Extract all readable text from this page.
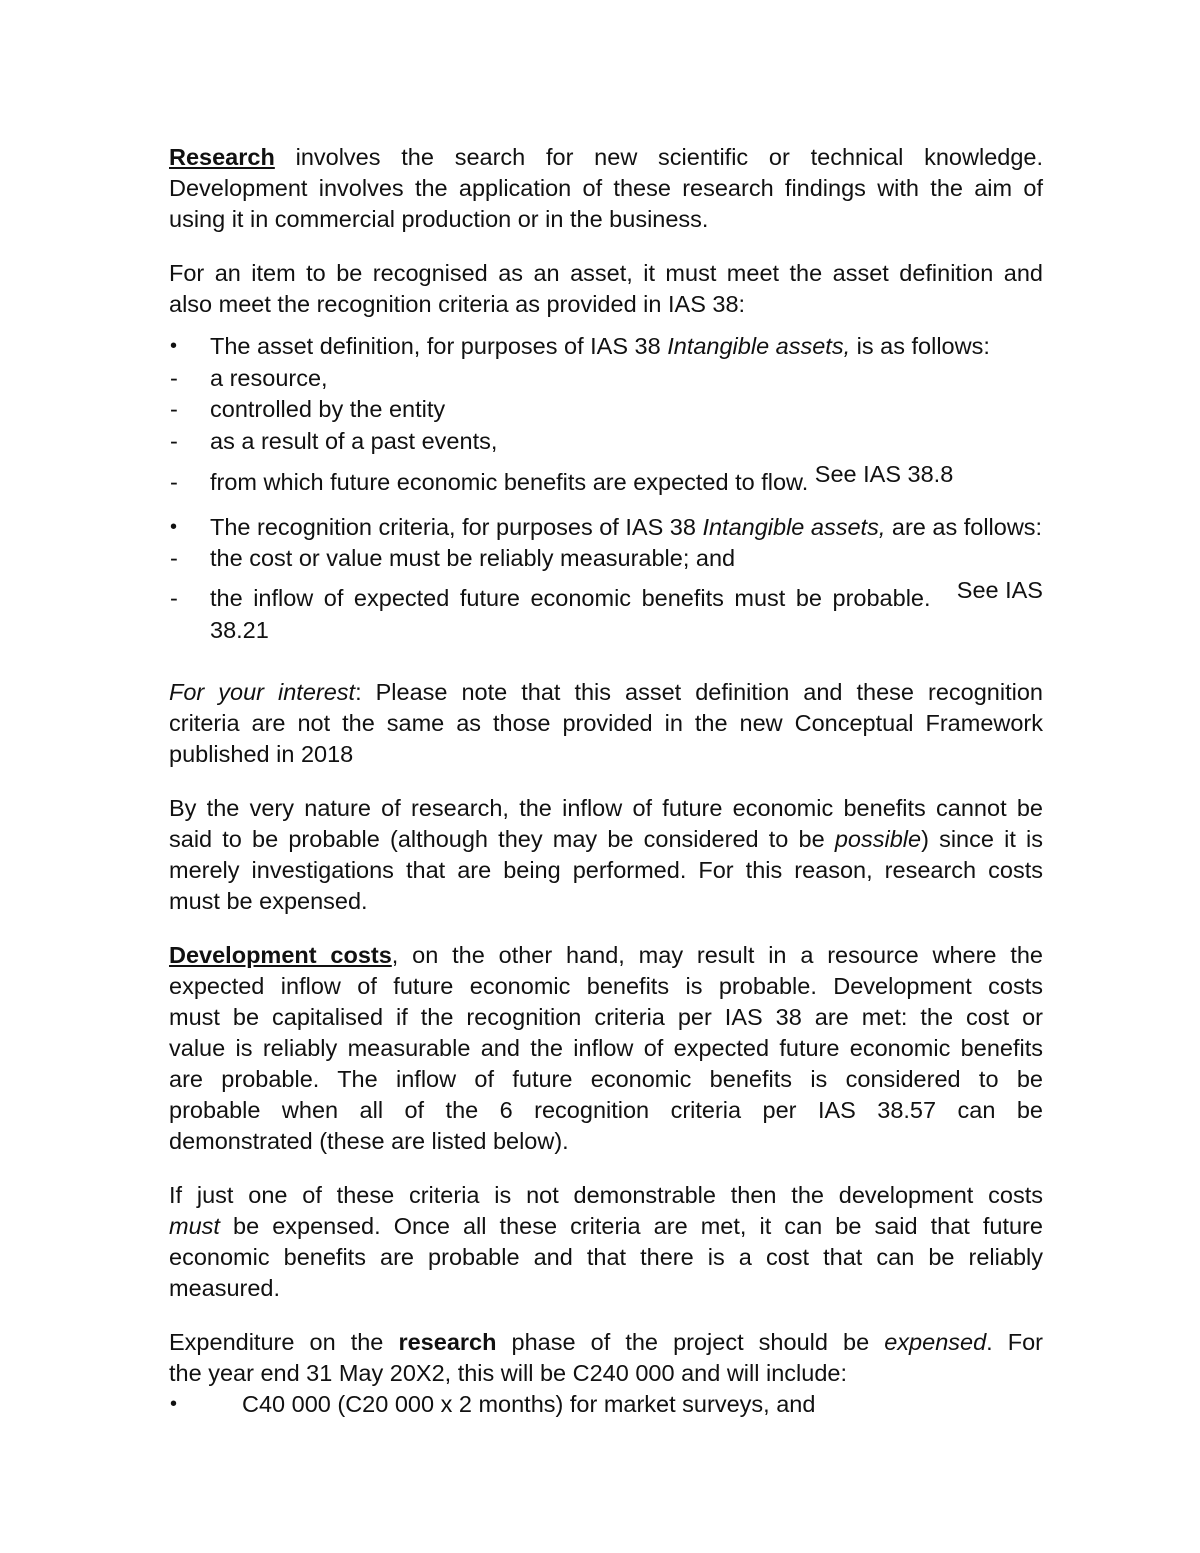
Research involves the search for new scientific or technical knowledge.
Development involves the application of these research findings with the aim of
using it in commercial production or in the business.
For an item to be recognised as an asset, it must meet the asset definition and
also meet the recognition criteria as provided in IAS 38:
• The asset definition, for purposes of IAS 38 Intangible assets, is as follows:
- a resource,
- controlled by the entity
- as a result of a past events,
- from which future economic benefits are expected to flow. See IAS 38.8
• The recognition criteria, for purposes of IAS 38 Intangible assets, are as follows:
- the cost or value must be reliably measurable; and
- the inflow of expected future economic benefits must be probable. See IAS
38.21
For your interest: Please note that this asset definition and these recognition
criteria are not the same as those provided in the new Conceptual Framework
published in 2018
By the very nature of research, the inflow of future economic benefits cannot be
said to be probable (although they may be considered to be possible) since it is
merely investigations that are being performed. For this reason, research costs
must be expensed.
Development costs, on the other hand, may result in a resource where the
expected inflow of future economic benefits is probable. Development costs
must be capitalised if the recognition criteria per IAS 38 are met: the cost or
value is reliably measurable and the inflow of expected future economic benefits
are probable. The inflow of future economic benefits is considered to be
probable when all of the 6 recognition criteria per IAS 38.57 can be
demonstrated (these are listed below).
If just one of these criteria is not demonstrable then the development costs
must be expensed. Once all these criteria are met, it can be said that future
economic benefits are probable and that there is a cost that can be reliably
measured.
Expenditure on the research phase of the project should be expensed. For
the year end 31 May 20X2, this will be C240 000 and will include:
•	C40 000 (C20 000 x 2 months) for market surveys, and
